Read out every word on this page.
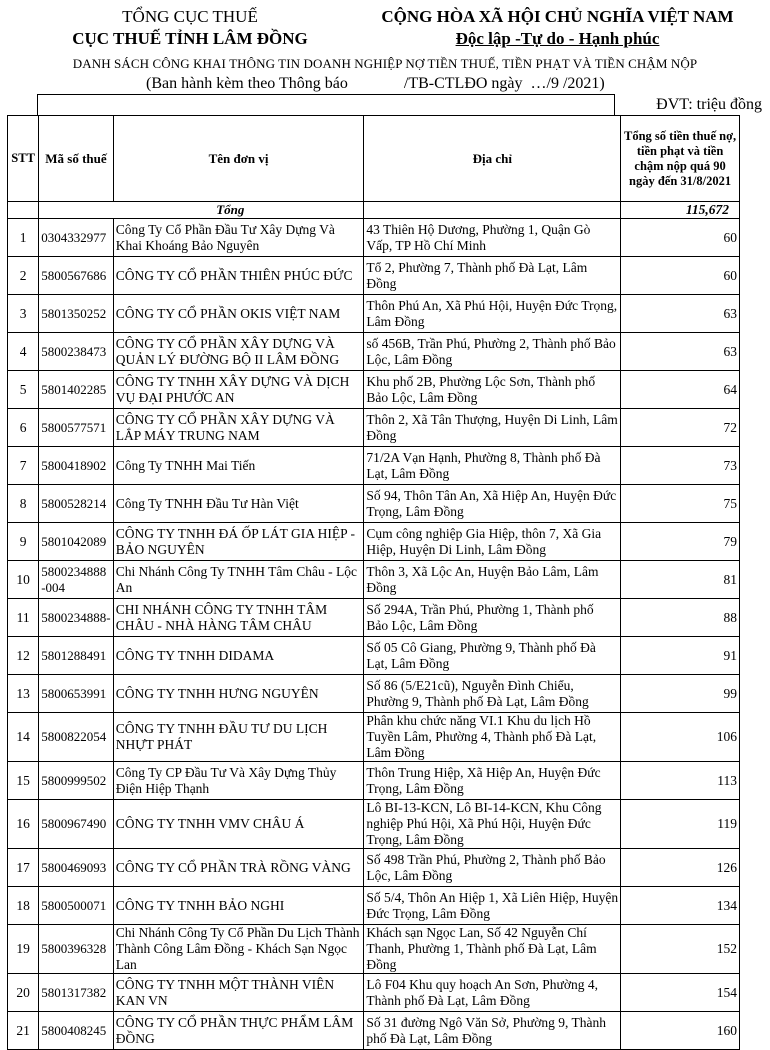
TỔNG CỤC THUẾ
CỤC THUẾ TỈNH LÂM ĐỒNG
CỘNG HÒA XÃ HỘI CHỦ NGHĨA VIỆT NAM
Độc lập -Tự do - Hạnh phúc
DANH SÁCH CÔNG KHAI THÔNG TIN DOANH NGHIỆP NỢ TIỀN THUẾ, TIỀN PHẠT VÀ TIỀN CHẬM NỘP
(Ban hành kèm theo Thông báo              /TB-CTLĐO ngày  …/9 /2021)
ĐVT: triệu đồng
STT	Mã số thuế	Tên đơn vị	Địa chỉ	Tổng số tiền thuế nợ, tiền phạt và tiền chậm nộp quá 90 ngày đến 31/8/2021
	Tổng			115,672
1	0304332977	Công Ty Cổ Phần Đầu Tư Xây Dựng Và Khai Khoáng Bảo Nguyên	43 Thiên Hộ Dương, Phường 1, Quận Gò Vấp, TP Hồ Chí Minh	60
2	5800567686	CÔNG TY CỔ PHẦN THIÊN PHÚC ĐỨC	Tổ 2, Phường 7, Thành phố Đà Lạt, Lâm Đồng	60
3	5801350252	CÔNG TY CỔ PHẦN OKIS VIỆT NAM	Thôn Phú An, Xã Phú Hội, Huyện Đức Trọng, Lâm Đồng	63
4	5800238473	CÔNG TY CỔ PHẦN XÂY DỰNG VÀ QUẢN LÝ ĐƯỜNG BỘ II LÂM ĐỒNG	số 456B, Trần Phú, Phường 2, Thành phố Bảo Lộc, Lâm Đồng	63
5	5801402285	CÔNG TY TNHH XÂY DỰNG VÀ DỊCH VỤ ĐẠI PHƯỚC AN	Khu phố 2B, Phường Lộc Sơn, Thành phố Bảo Lộc, Lâm Đồng	64
6	5800577571	CÔNG TY CỔ PHẦN XÂY DỰNG VÀ LẮP MÁY TRUNG NAM	Thôn 2, Xã Tân Thượng, Huyện Di Linh, Lâm Đồng	72
7	5800418902	Công Ty TNHH Mai Tiến	71/2A Vạn Hạnh, Phường 8, Thành phố Đà Lạt, Lâm Đồng	73
8	5800528214	Công Ty TNHH Đầu Tư Hàn Việt	Số 94, Thôn Tân An, Xã Hiệp An, Huyện Đức Trọng, Lâm Đồng	75
9	5801042089	CÔNG TY TNHH ĐÁ ỐP LÁT GIA HIỆP - BẢO NGUYÊN	Cụm công nghiệp Gia Hiệp, thôn 7, Xã Gia Hiệp, Huyện Di Linh, Lâm Đồng	79
10	5800234888 -004	Chi Nhánh Công Ty TNHH Tâm Châu - Lộc An	Thôn 3, Xã Lộc An, Huyện Bảo Lâm, Lâm Đồng	81
11	5800234888-	CHI NHÁNH CÔNG TY TNHH TÂM CHÂU - NHÀ HÀNG TÂM CHÂU	Số 294A, Trần Phú, Phường 1, Thành phố Bảo Lộc, Lâm Đồng	88
12	5801288491	CÔNG TY TNHH DIDAMA	Số 05 Cô Giang, Phường 9, Thành phố Đà Lạt, Lâm Đồng	91
13	5800653991	CÔNG TY TNHH HƯNG NGUYÊN	Số 86 (5/E21cũ), Nguyễn Đình Chiểu, Phường 9, Thành phố Đà Lạt, Lâm Đồng	99
14	5800822054	CÔNG TY TNHH ĐẦU TƯ DU LỊCH NHỰT PHÁT	Phân khu chức năng VI.1 Khu du lịch Hồ Tuyền Lâm, Phường 4, Thành phố Đà Lạt, Lâm Đồng	106
15	5800999502	Công Ty CP Đầu Tư Và Xây Dựng Thủy Điện Hiệp Thạnh	Thôn Trung Hiệp, Xã Hiệp An, Huyện Đức Trọng, Lâm Đồng	113
16	5800967490	CÔNG TY TNHH VMV CHÂU Á	Lô BI-13-KCN, Lô BI-14-KCN, Khu Công nghiệp Phú Hội, Xã Phú Hội, Huyện Đức Trọng, Lâm Đồng	119
17	5800469093	CÔNG TY CỔ PHẦN TRÀ RỒNG VÀNG	Số 498 Trần Phú, Phường 2, Thành phố Bảo Lộc, Lâm Đồng	126
18	5800500071	CÔNG TY TNHH BẢO NGHI	Số 5/4, Thôn An Hiệp 1, Xã Liên Hiệp, Huyện Đức Trọng, Lâm Đồng	134
19	5800396328	Chi Nhánh Công Ty Cổ Phần Du Lịch Thành Thành Công Lâm Đồng - Khách Sạn Ngọc Lan	Khách sạn Ngọc Lan, Số 42 Nguyễn Chí Thanh, Phường 1, Thành phố Đà Lạt, Lâm Đồng	152
20	5801317382	CÔNG TY TNHH MỘT THÀNH VIÊN KAN VN	Lô F04 Khu quy hoạch An Sơn, Phường 4, Thành phố Đà Lạt, Lâm Đồng	154
21	5800408245	CÔNG TY CỔ PHẦN THỰC PHẨM LÂM ĐỒNG	Số 31 đường Ngô Văn Sở, Phường 9, Thành phố Đà Lạt, Lâm Đồng	160
